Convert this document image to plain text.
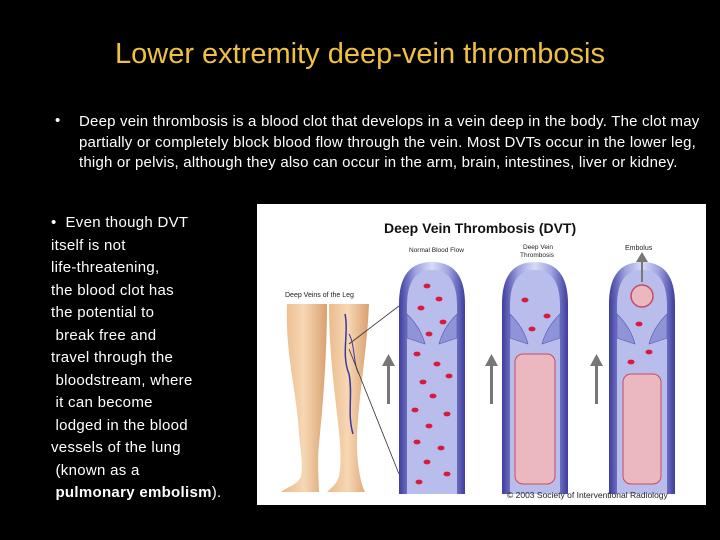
Lower extremity deep-vein thrombosis
• Deep vein thrombosis is a blood clot that develops in a vein deep in the body. The clot may partially or completely block blood flow through the vein. Most DVTs occur in the lower leg, thigh or pelvis, although they also can occur in the arm, brain, intestines, liver or kidney.
•  Even though DVT
itself is not
life-threatening,
the blood clot has
the potential to
break free and
travel through the
bloodstream, where
it can become
lodged in the blood
vessels of the lung
(known as a
pulmonary embolism).
Deep Vein Thrombosis (DVT)
Deep Veins of the Leg
Normal Blood Flow	Deep Vein
Thrombosis
Embolus
© 2003 Society of Interventional Radiology
